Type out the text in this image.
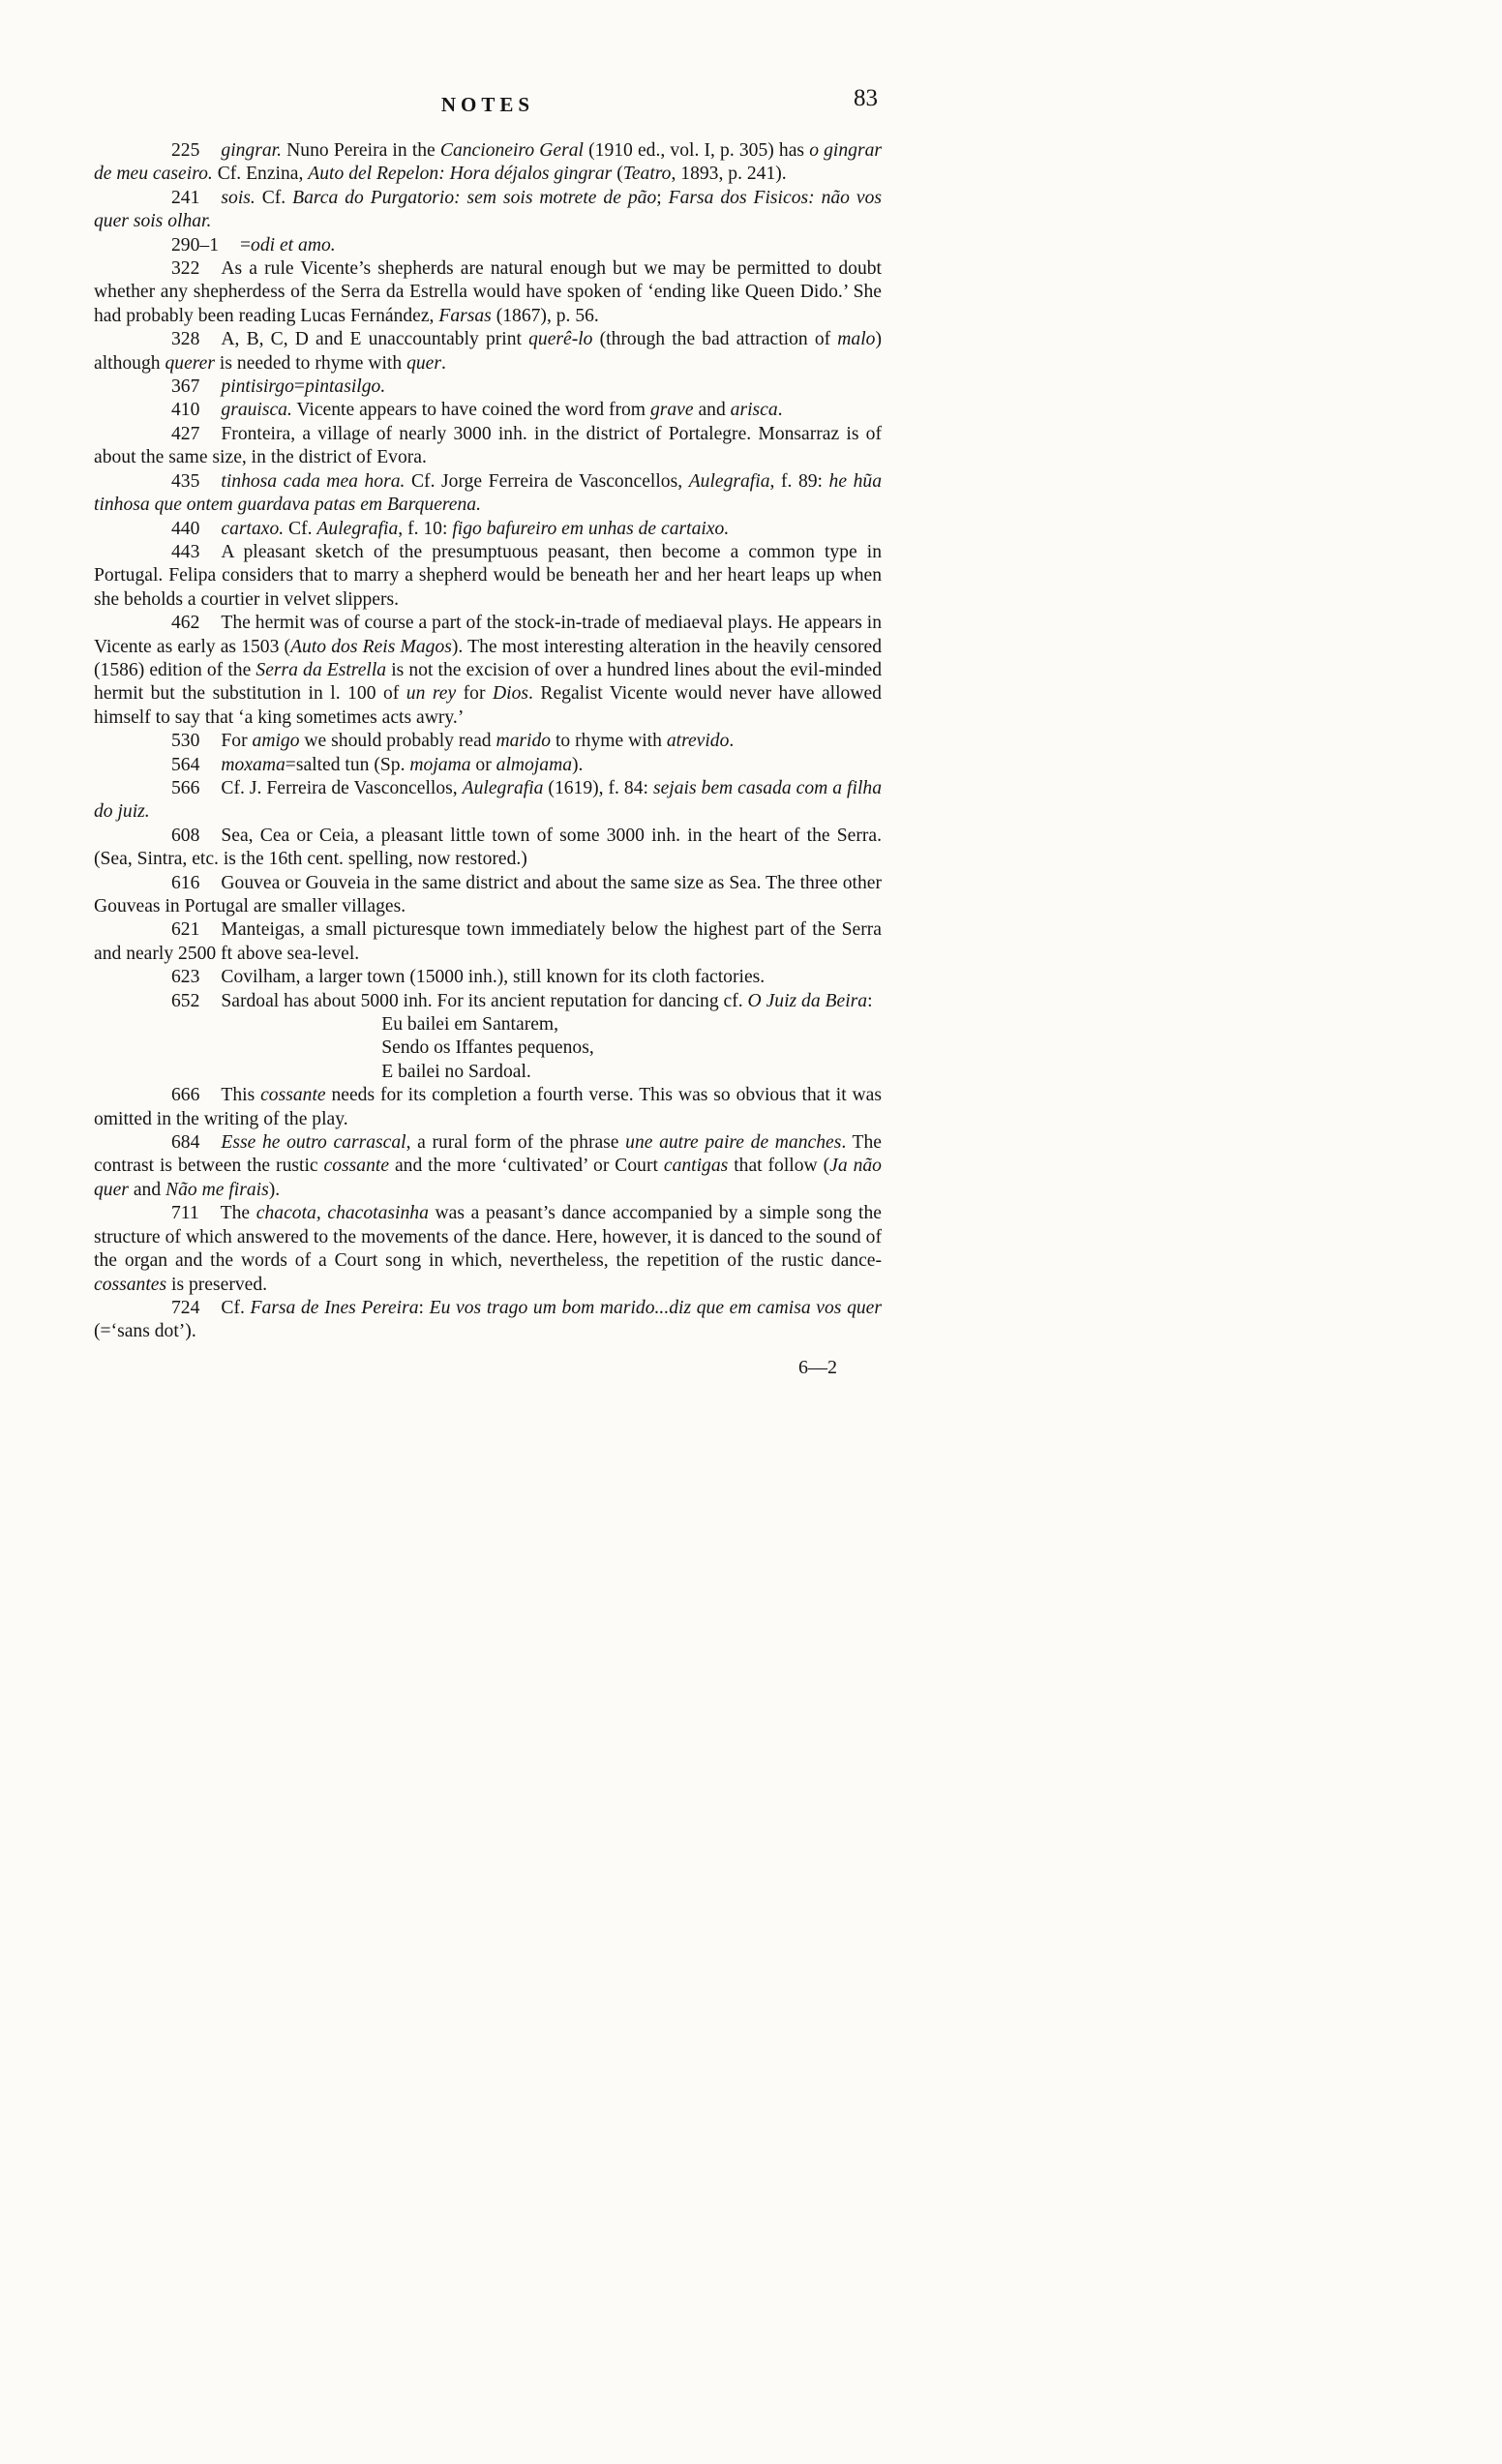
NOTES	83

225 gingrar. Nuno Pereira in the Cancioneiro Geral (1910 ed., vol. I, p. 305) has o gingrar de meu caseiro. Cf. Enzina, Auto del Repelon: Hora déjalos gingrar (Teatro, 1893, p. 241).

241 sois. Cf. Barca do Purgatorio: sem sois motrete de pão; Farsa dos Fisicos: não vos quer sois olhar.

290–1 =odi et amo.

322 As a rule Vicente’s shepherds are natural enough but we may be permitted to doubt whether any shepherdess of the Serra da Estrella would have spoken of ‘ending like Queen Dido.’ She had probably been reading Lucas Fernández, Farsas (1867), p. 56.

328 A, B, C, D and E unaccountably print querê-lo (through the bad attraction of malo) although querer is needed to rhyme with quer.

367 pintisirgo=pintasilgo.

410 grauisca. Vicente appears to have coined the word from grave and arisca.

427 Fronteira, a village of nearly 3000 inh. in the district of Portalegre. Monsarraz is of about the same size, in the district of Evora.

435 tinhosa cada mea hora. Cf. Jorge Ferreira de Vasconcellos, Aulegrafia, f. 89: he hũa tinhosa que ontem guardava patas em Barquerena.

440 cartaxo. Cf. Aulegrafia, f. 10: figo bafureiro em unhas de cartaixo.

443 A pleasant sketch of the presumptuous peasant, then become a common type in Portugal. Felipa considers that to marry a shepherd would be beneath her and her heart leaps up when she beholds a courtier in velvet slippers.

462 The hermit was of course a part of the stock-in-trade of mediaeval plays. He appears in Vicente as early as 1503 (Auto dos Reis Magos). The most interesting alteration in the heavily censored (1586) edition of the Serra da Estrella is not the excision of over a hundred lines about the evil-minded hermit but the substitution in l. 100 of un rey for Dios. Regalist Vicente would never have allowed himself to say that ‘a king sometimes acts awry.’

530 For amigo we should probably read marido to rhyme with atrevido.

564 moxama=salted tun (Sp. mojama or almojama).

566 Cf. J. Ferreira de Vasconcellos, Aulegrafia (1619), f. 84: sejais bem casada com a filha do juiz.

608 Sea, Cea or Ceia, a pleasant little town of some 3000 inh. in the heart of the Serra. (Sea, Sintra, etc. is the 16th cent. spelling, now restored.)

616 Gouvea or Gouveia in the same district and about the same size as Sea. The three other Gouveas in Portugal are smaller villages.

621 Manteigas, a small picturesque town immediately below the highest part of the Serra and nearly 2500 ft above sea-level.

623 Covilham, a larger town (15000 inh.), still known for its cloth factories.

652 Sardoal has about 5000 inh. For its ancient reputation for dancing cf. O Juiz da Beira:

Eu bailei em Santarem,
Sendo os Iffantes pequenos,
E bailei no Sardoal.

666 This cossante needs for its completion a fourth verse. This was so obvious that it was omitted in the writing of the play.

684 Esse he outro carrascal, a rural form of the phrase une autre paire de manches. The contrast is between the rustic cossante and the more ‘cultivated’ or Court cantigas that follow (Ja não quer and Não me firais).

711 The chacota, chacotasinha was a peasant’s dance accompanied by a simple song the structure of which answered to the movements of the dance. Here, however, it is danced to the sound of the organ and the words of a Court song in which, nevertheless, the repetition of the rustic dance-cossantes is preserved.

724 Cf. Farsa de Ines Pereira: Eu vos trago um bom marido...diz que em camisa vos quer (=‘sans dot’).

6—2
